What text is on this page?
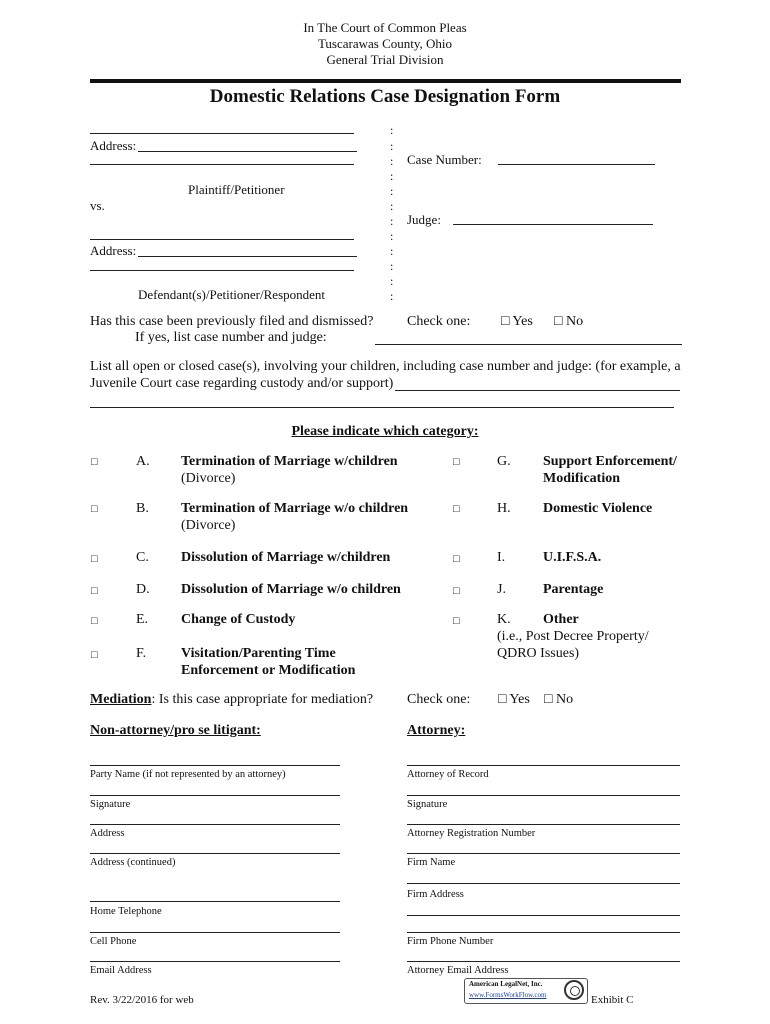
In The Court of Common Pleas
Tuscarawas County, Ohio
General Trial Division
Domestic Relations Case Designation Form
Address:
Plaintiff/Petitioner
vs.
Address:
Defendant(s)/Petitioner/Respondent
:
:
:
:
:
:
:
:
:
:
:
:
Case Number:
Judge:
Has this case been previously filed and dismissed? Check one: □ Yes □ No
If yes, list case number and judge:
List all open or closed case(s), involving your children, including case number and judge: (for example, a
Juvenile Court case regarding custody and/or support)
Please indicate which category:
□	A. Termination of Marriage w/children
(Divorce)
□	B. Termination of Marriage w/o children
(Divorce)
□	C. Dissolution of Marriage w/children
□	D. Dissolution of Marriage w/o children
□	E. Change of Custody
□	F. Visitation/Parenting Time
Enforcement or Modification
□	G. Support Enforcement/
Modification
□	H. Domestic Violence
□	I.	U.I.F.S.A.
□	J.	Parentage
□	K. Other
(i.e., Post Decree Property/
QDRO Issues)
Mediation: Is this case appropriate for mediation? Check one: □ Yes □ No
Non-attorney/pro se litigant:	Attorney:
Party Name (if not represented by an attorney)
Signature
Address
Address (continued)
Home Telephone
Cell Phone
Email Address
Attorney of Record
Signature
Attorney Registration Number
Firm Name
Firm Address
Firm Phone Number
Attorney Email Address
Rev. 3/22/2016 for web
American LegalNet, Inc.
www.FormsWorkFlow.com	Exhibit C
